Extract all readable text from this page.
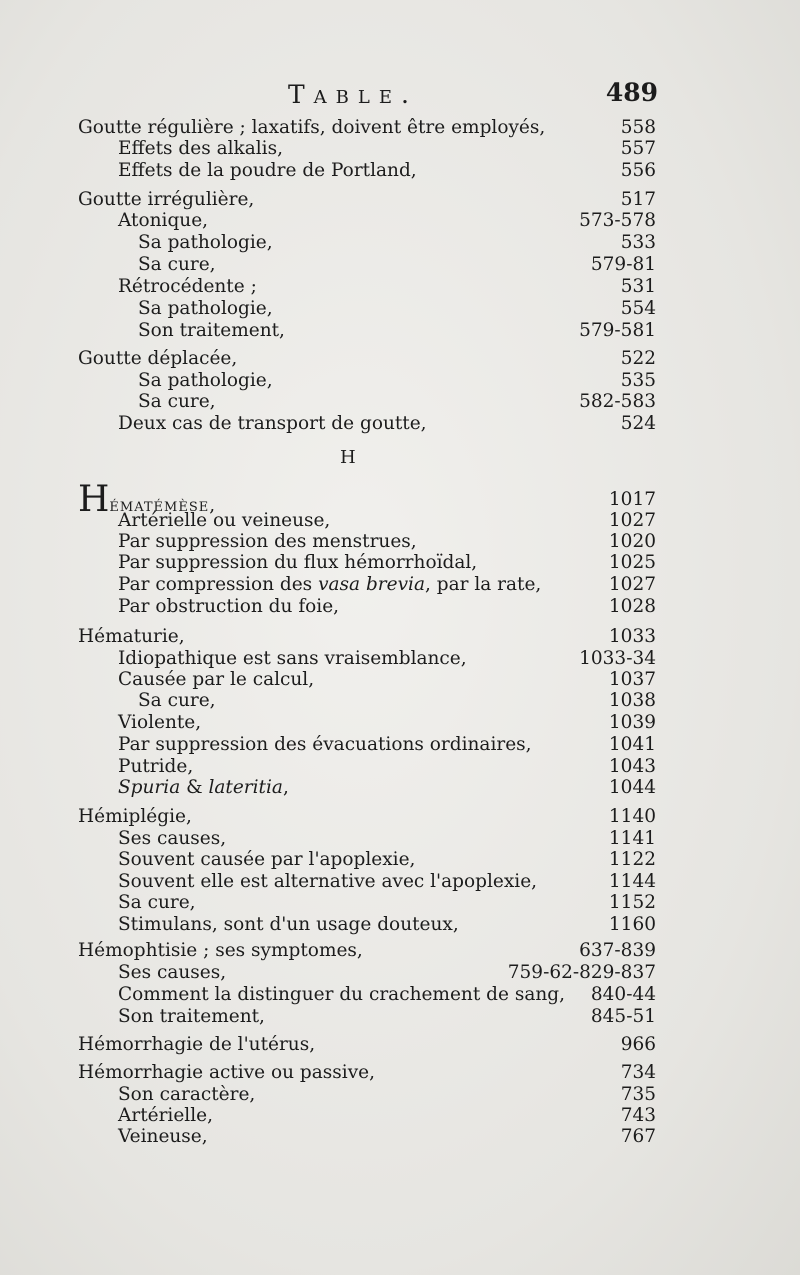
Table.	489
Goutte régulière ; laxatifs, doivent être employés,	558
Effets des alkalis,	557
Effets de la poudre de Portland,	556
Goutte irrégulière,	517
Atonique,	573-578
Sa pathologie,	533
Sa cure,	579-81
Rétrocédente ;	531
Sa pathologie,	554
Son traitement,	579-581
Goutte déplacée,	522
Sa pathologie,	535
Sa cure,	582-583
Deux cas de transport de goutte,	524
H
Hématémèse,	1017
Artérielle ou veineuse,	1027
Par suppression des menstrues,	1020
Par suppression du flux hémorrhoïdal,	1025
Par compression des vasa brevia, par la rate,	1027
Par obstruction du foie,	1028
Hématurie,	1033
Idiopathique est sans vraisemblance,	1033-34
Causée par le calcul,	1037
Sa cure,	1038
Violente,	1039
Par suppression des évacuations ordinaires,	1041
Putride,	1043
Spuria & lateritia,	1044
Hémiplégie,	1140
Ses causes,	1141
Souvent causée par l'apoplexie,	1122
Souvent elle est alternative avec l'apoplexie,	1144
Sa cure,	1152
Stimulans, sont d'un usage douteux,	1160
Hémophtisie ; ses symptomes,	637-839
Ses causes,	759-62-829-837
Comment la distinguer du crachement de sang, 840-44
Son traitement,	845-51
Hémorrhagie de l'utérus,	966
Hémorrhagie active ou passive,	734
Son caractère,	735
Artérielle,	743
Veineuse,	767
